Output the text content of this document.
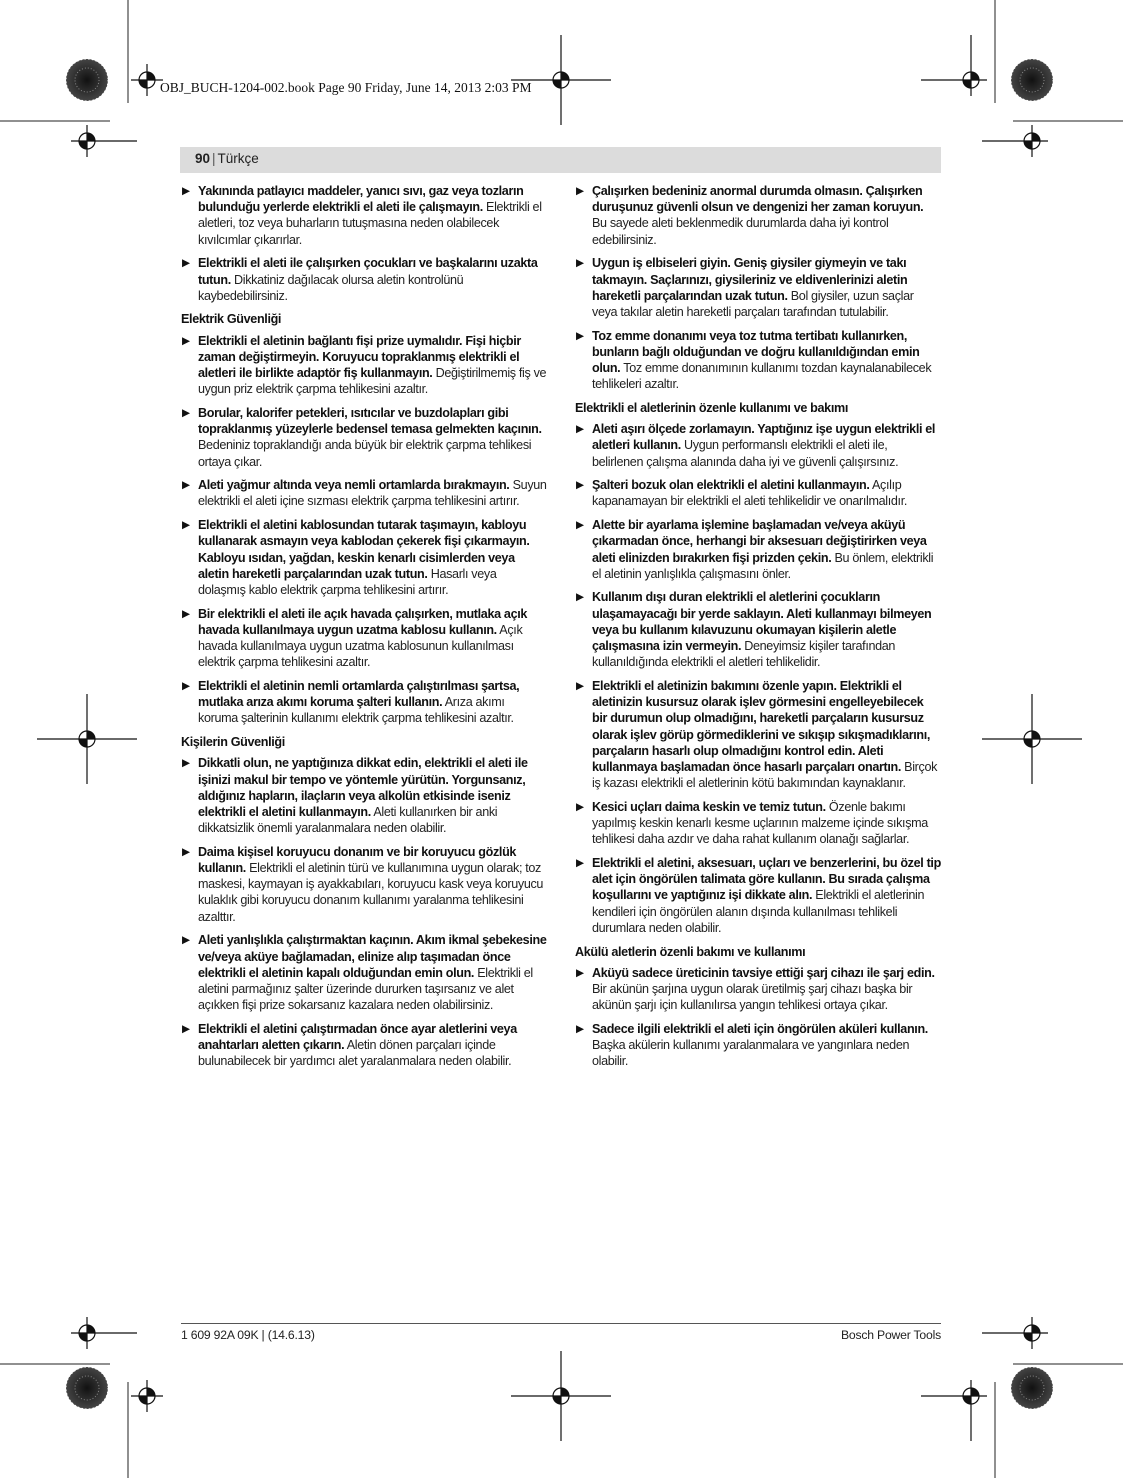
OBJ_BUCH-1204-002.book Page 90 Friday, June 14, 2013 2:03 PM
90 | Türkçe
▶ Yakınında patlayıcı maddeler, yanıcı sıvı, gaz veya tozların bulunduğu yerlerde elektrikli el aleti ile çalışmayın. Elektrikli el aletleri, toz veya buharların tutuşmasına neden olabilecek kıvılcımlar çıkarırlar.
▶ Elektrikli el aleti ile çalışırken çocukları ve başkalarını uzakta tutun. Dikkatiniz dağılacak olursa aletin kontrolünü kaybedebilirsiniz.
Elektrik Güvenliği
▶ Elektrikli el aletinin bağlantı fişi prize uymalıdır. Fişi hiçbir zaman değiştirmeyin. Koruyucu topraklanmış elektrikli el aletleri ile birlikte adaptör fiş kullanmayın. Değiştirilmemiş fiş ve uygun priz elektrik çarpma tehlikesini azaltır.
▶ Borular, kalorifer petekleri, ısıtıcılar ve buzdolapları gibi topraklanmış yüzeylerle bedensel temasa gelmekten kaçının. Bedeniniz topraklandığı anda büyük bir elektrik çarpma tehlikesi ortaya çıkar.
▶ Aleti yağmur altında veya nemli ortamlarda bırakmayın. Suyun elektrikli el aleti içine sızması elektrik çarpma tehlikesini artırır.
▶ Elektrikli el aletini kablosundan tutarak taşımayın, kabloyu kullanarak asmayın veya kablodan çekerek fişi çıkarmayın. Kabloyu ısıdan, yağdan, keskin kenarlı cisimlerden veya aletin hareketli parçalarından uzak tutun. Hasarlı veya dolaşmış kablo elektrik çarpma tehlikesini artırır.
▶ Bir elektrikli el aleti ile açık havada çalışırken, mutlaka açık havada kullanılmaya uygun uzatma kablosu kullanın. Açık havada kullanılmaya uygun uzatma kablosunun kullanılması elektrik çarpma tehlikesini azaltır.
▶ Elektrikli el aletinin nemli ortamlarda çalıştırılması şartsa, mutlaka arıza akımı koruma şalteri kullanın. Arıza akımı koruma şalterinin kullanımı elektrik çarpma tehlikesini azaltır.
Kişilerin Güvenliği
▶ Dikkatli olun, ne yaptığınıza dikkat edin, elektrikli el aleti ile işinizi makul bir tempo ve yöntemle yürütün. Yorgunsanız, aldığınız hapların, ilaçların veya alkolün etkisinde iseniz elektrikli el aletini kullanmayın. Aleti kullanırken bir anki dikkatsizlik önemli yaralanmalara neden olabilir.
▶ Daima kişisel koruyucu donanım ve bir koruyucu gözlük kullanın. Elektrikli el aletinin türü ve kullanımına uygun olarak; toz maskesi, kaymayan iş ayakkabıları, koruyucu kask veya koruyucu kulaklık gibi koruyucu donanım kullanımı yaralanma tehlikesini azalttır.
▶ Aleti yanlışlıkla çalıştırmaktan kaçının. Akım ikmal şebekesine ve/veya aküye bağlamadan, elinize alıp taşımadan önce elektrikli el aletinin kapalı olduğundan emin olun. Elektrikli el aletini parmağınız şalter üzerinde dururken taşırsanız ve alet açıkken fişi prize sokarsanız kazalara neden olabilirsiniz.
▶ Elektrikli el aletini çalıştırmadan önce ayar aletlerini veya anahtarları aletten çıkarın. Aletin dönen parçaları içinde bulunabilecek bir yardımcı alet yaralanmalara neden olabilir.
▶ Çalışırken bedeniniz anormal durumda olmasın. Çalışırken duruşunuz güvenli olsun ve dengenizi her zaman koruyun. Bu sayede aleti beklenmedik durumlarda daha iyi kontrol edebilirsiniz.
▶ Uygun iş elbiseleri giyin. Geniş giysiler giymeyin ve takı takmayın. Saçlarınızı, giysileriniz ve eldivenlerinizi aletin hareketli parçalarından uzak tutun. Bol giysiler, uzun saçlar veya takılar aletin hareketli parçaları tarafından tutulabilir.
▶ Toz emme donanımı veya toz tutma tertibatı kullanırken, bunların bağlı olduğundan ve doğru kullanıldığından emin olun. Toz emme donanımının kullanımı tozdan kaynalanabilecek tehlikeleri azaltır.
Elektrikli el aletlerinin özenle kullanımı ve bakımı
▶ Aleti aşırı ölçede zorlamayın. Yaptığınız işe uygun elektrikli el aletleri kullanın. Uygun performanslı elektrikli el aleti ile, belirlenen çalışma alanında daha iyi ve güvenli çalışırsınız.
▶ Şalteri bozuk olan elektrikli el aletini kullanmayın. Açılıp kapanamayan bir elektrikli el aleti tehlikelidir ve onarılmalıdır.
▶ Alette bir ayarlama işlemine başlamadan ve/veya aküyü çıkarmadan önce, herhangi bir aksesuarı değiştirirken veya aleti elinizden bırakırken fişi prizden çekin. Bu önlem, elektrikli el aletinin yanlışlıkla çalışmasını önler.
▶ Kullanım dışı duran elektrikli el aletlerini çocukların ulaşamayacağı bir yerde saklayın. Aleti kullanmayı bilmeyen veya bu kullanım kılavuzunu okumayan kişilerin aletle çalışmasına izin vermeyin. Deneyimsiz kişiler tarafından kullanıldığında elektrikli el aletleri tehlikelidir.
▶ Elektrikli el aletinizin bakımını özenle yapın. Elektrikli el aletinizin kusursuz olarak işlev görmesini engelleyebilecek bir durumun olup olmadığını, hareketli parçaların kusursuz olarak işlev görüp görmediklerini ve sıkışıp sıkışmadıklarını, parçaların hasarlı olup olmadığını kontrol edin. Aleti kullanmaya başlamadan önce hasarlı parçaları onartın. Birçok iş kazası elektrikli el aletlerinin kötü bakımından kaynaklanır.
▶ Kesici uçları daima keskin ve temiz tutun. Özenle bakımı yapılmış keskin kenarlı kesme uçlarının malzeme içinde sıkışma tehlikesi daha azdır ve daha rahat kullanım olanağı sağlarlar.
▶ Elektrikli el aletini, aksesuarı, uçları ve benzerlerini, bu özel tip alet için öngörülen talimata göre kullanın. Bu sırada çalışma koşullarını ve yaptığınız işi dikkate alın. Elektrikli el aletlerinin kendileri için öngörülen alanın dışında kullanılması tehlikeli durumlara neden olabilir.
Akülü aletlerin özenli bakımı ve kullanımı
▶ Aküyü sadece üreticinin tavsiye ettiği şarj cihazı ile şarj edin. Bir akünün şarjına uygun olarak üretilmiş şarj cihazı başka bir akünün şarjı için kullanılırsa yangın tehlikesi ortaya çıkar.
▶ Sadece ilgili elektrikli el aleti için öngörülen aküleri kullanın. Başka akülerin kullanımı yaralanmalara ve yangınlara neden olabilir.
1 609 92A 09K | (14.6.13)	Bosch Power Tools
